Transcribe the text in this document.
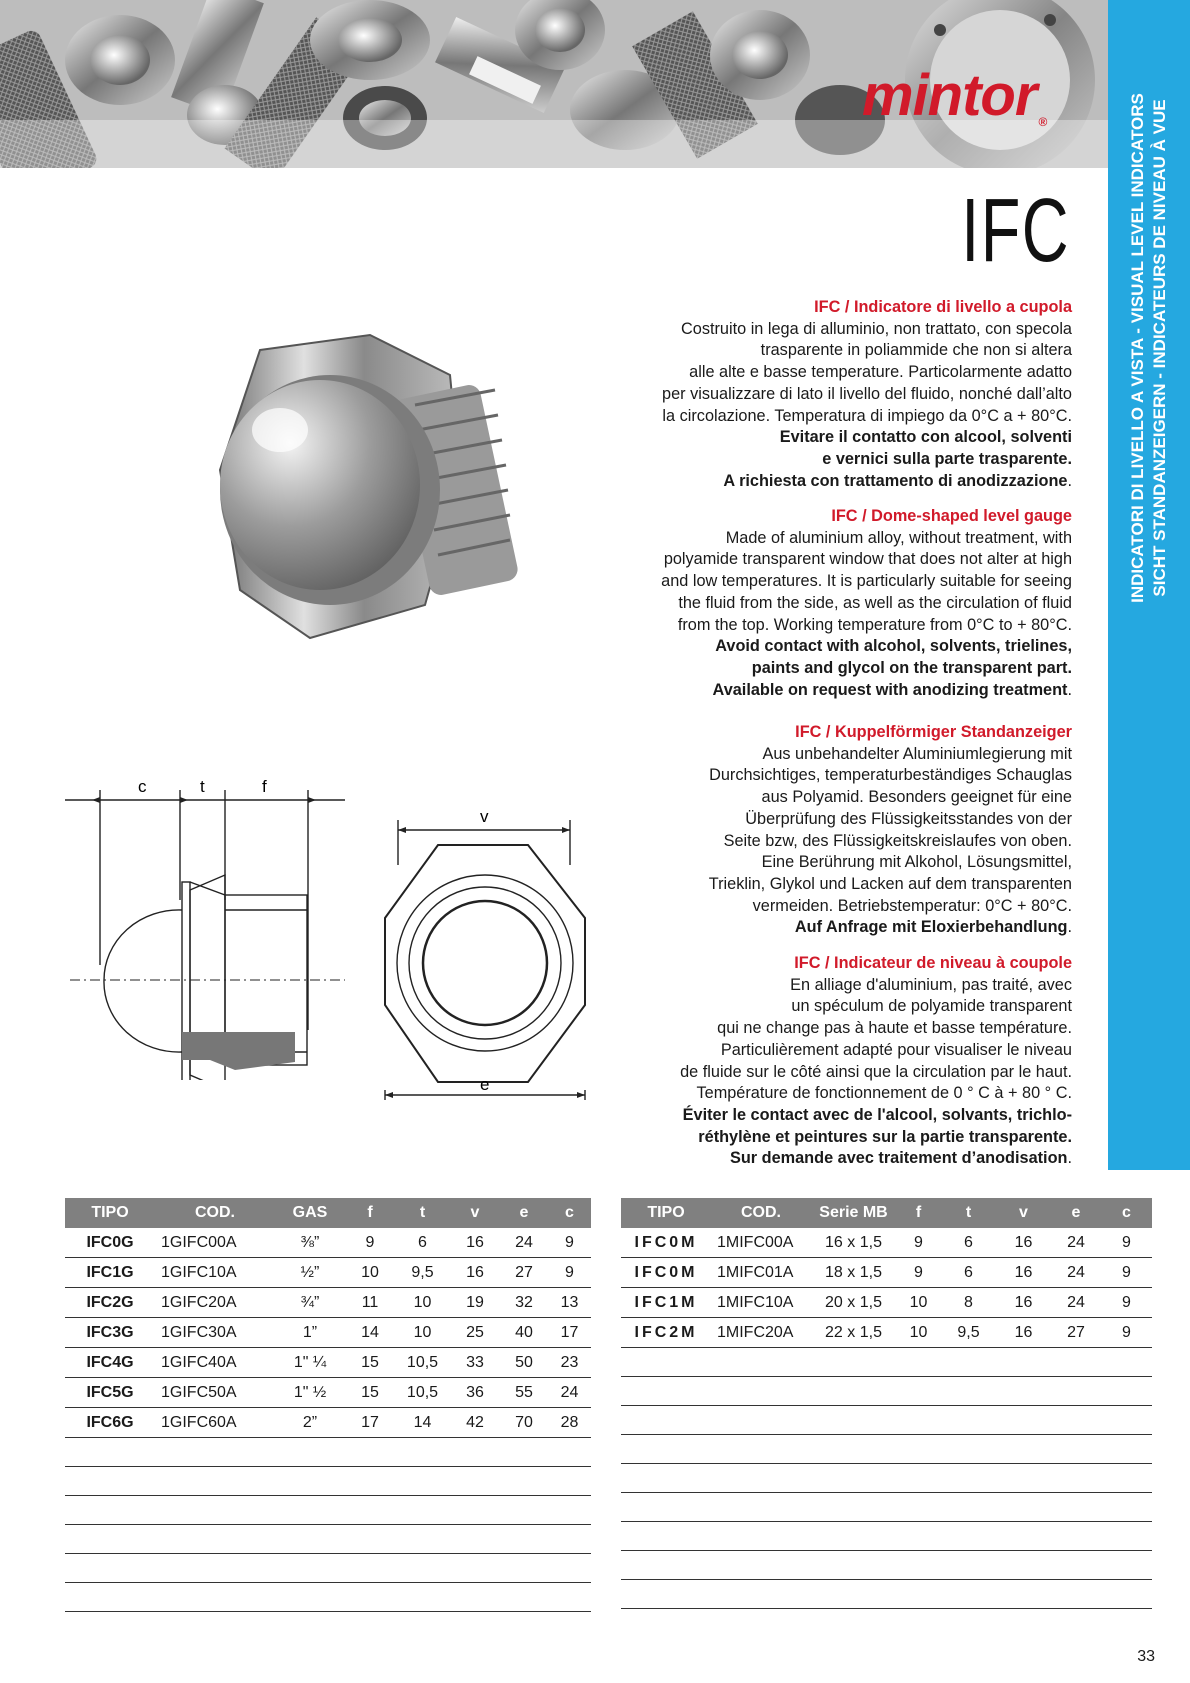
mintor ®	INDICATORI DI LIVELLO A VISTA - VISUAL LEVEL INDICATORS SICHT STANDANZEIGERN - INDICATEURS DE NIVEAU À VUE
IFC
c	t	f
v
e
IFC / Indicatore di livello a cupola
Costruito in lega di alluminio, non trattato, con specola
trasparente in poliammide che non si altera
alle alte e basse temperature. Particolarmente adatto
per visualizzare di lato il livello del fluido, nonché dall’alto
la circolazione. Temperatura di impiego da 0°C a + 80°C.
Evitare il contatto con alcool, solventi
e vernici sulla parte trasparente.
A richiesta con trattamento di anodizzazione.
IFC / Dome-shaped level gauge
Made of aluminium alloy, without treatment, with
polyamide transparent window that does not alter at high
and low temperatures. It is particularly suitable for seeing
the fluid from the side, as well as the circulation of fluid
from the top. Working temperature from 0°C to + 80°C.
Avoid contact with alcohol, solvents, trielines,
paints and glycol on the transparent part.
Available on request with anodizing treatment.
IFC / Kuppelförmiger Standanzeiger
Aus unbehandelter Aluminiumlegierung mit
Durchsichtiges, temperaturbeständiges Schauglas
aus Polyamid. Besonders geeignet für eine
Überprüfung des Flüssigkeitsstandes von der
Seite bzw, des Flüssigkeitskreislaufes von oben.
Eine Berührung mit Alkohol, Lösungsmittel,
Trieklin, Glykol und Lacken auf dem transparenten
vermeiden. Betriebstemperatur: 0°C + 80°C.
Auf Anfrage mit Eloxierbehandlung.
IFC / Indicateur de niveau à coupole
En alliage d'aluminium, pas traité, avec
un spéculum de polyamide transparent
qui ne change pas à haute et basse température.
Particulièrement adapté pour visualiser le niveau
de fluide sur le côté ainsi que la circulation par le haut.
Température de fonctionnement de 0 ° C à + 80 ° C.
Éviter le contact avec de l'alcool, solvants, trichlo-
réthylène et peintures sur la partie transparente.
Sur demande avec traitement d’anodisation.
TIPO	COD.	GAS	f	t	v	e	c
IFC0G	1GIFC00A	⅜”	9	6	16	24	9
IFC1G	1GIFC10A	½”	10	9,5	16	27	9
IFC2G	1GIFC20A	¾”	11	10	19	32	13
IFC3G	1GIFC30A	1”	14	10	25	40	17
IFC4G	1GIFC40A	1" ¼	15	10,5	33	50	23
IFC5G	1GIFC50A	1" ½	15	10,5	36	55	24
IFC6G	1GIFC60A	2”	17	14	42	70	28

TIPO	COD.	Serie MB	f	t	v	e	c
IFC0M	1MIFC00A	16 x 1,5	9	6	16	24	9
IFC0M	1MIFC01A	18 x 1,5	9	6	16	24	9
IFC1M	1MIFC10A	20 x 1,5	10	8	16	24	9
IFC2M	1MIFC20A	22 x 1,5	10	9,5	16	27	9

33
